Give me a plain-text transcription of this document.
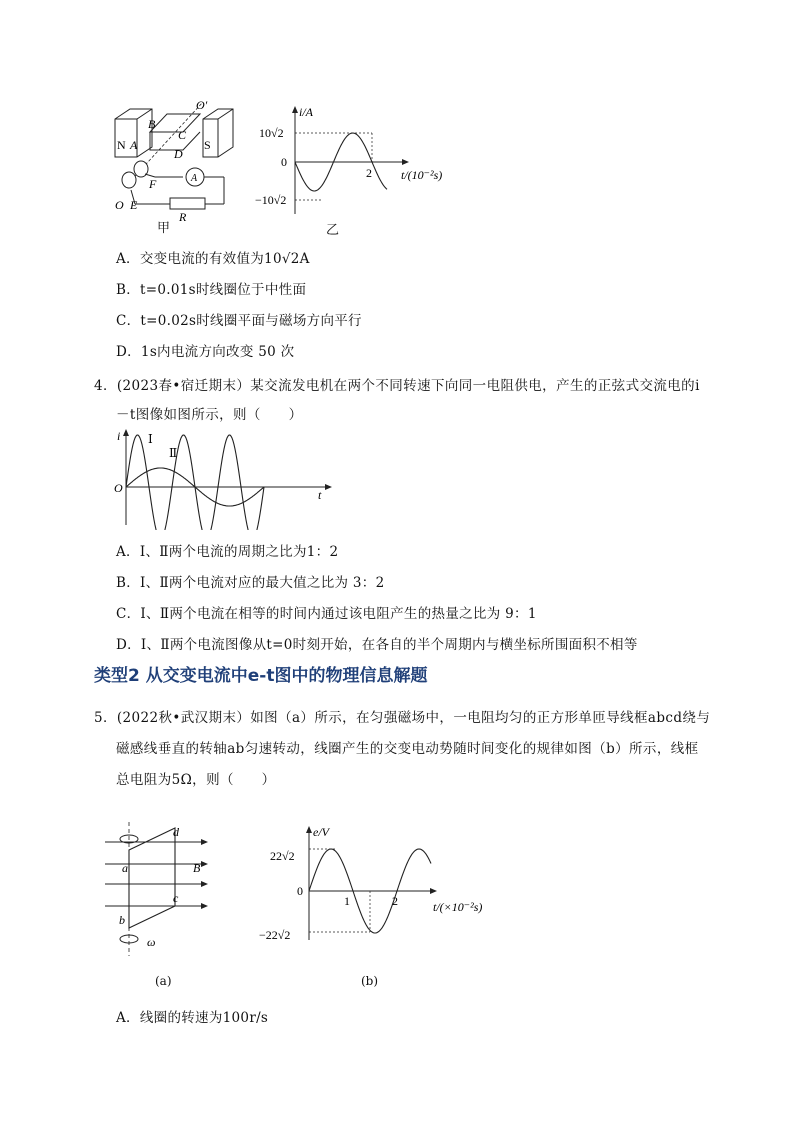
O′
B
N A
C
D
S
F	A
O E
R
甲
i/A
10√2
0
−10√2
2 t/(10⁻²s)
乙
A．交变电流的有效值为10√2A
B．t=0.01s时线圈位于中性面
C．t=0.02s时线圈平面与磁场方向平行
D．1s内电流方向改变 50 次
4．(2023春•宿迁期末）某交流发电机在两个不同转速下向同一电阻供电，产生的正弦式交流电的i
－t图像如图所示，则（　　）
i
O	t
Ⅰ
Ⅱ
A．Ⅰ、Ⅱ两个电流的周期之比为1：2
B．Ⅰ、Ⅱ两个电流对应的最大值之比为 3：2
C．Ⅰ、Ⅱ两个电流在相等的时间内通过该电阻产生的热量之比为 9：1
D．Ⅰ、Ⅱ两个电流图像从t=0时刻开始，在各自的半个周期内与横坐标所围面积不相等
类型2 从交变电流中e-t图中的物理信息解题
5．(2022秋•武汉期末）如图（a）所示，在匀强磁场中，一电阻均匀的正方形单匝导线框abcd绕与
磁感线垂直的转轴ab匀速转动，线圈产生的交变电动势随时间变化的规律如图（b）所示，线框
总电阻为5Ω，则（　　）
d
a	B
b
c
ω
(a)
e/V
22√2
0
−22√2
1	2	t/(×10⁻²s)
(b)
A．线圈的转速为100r/s
